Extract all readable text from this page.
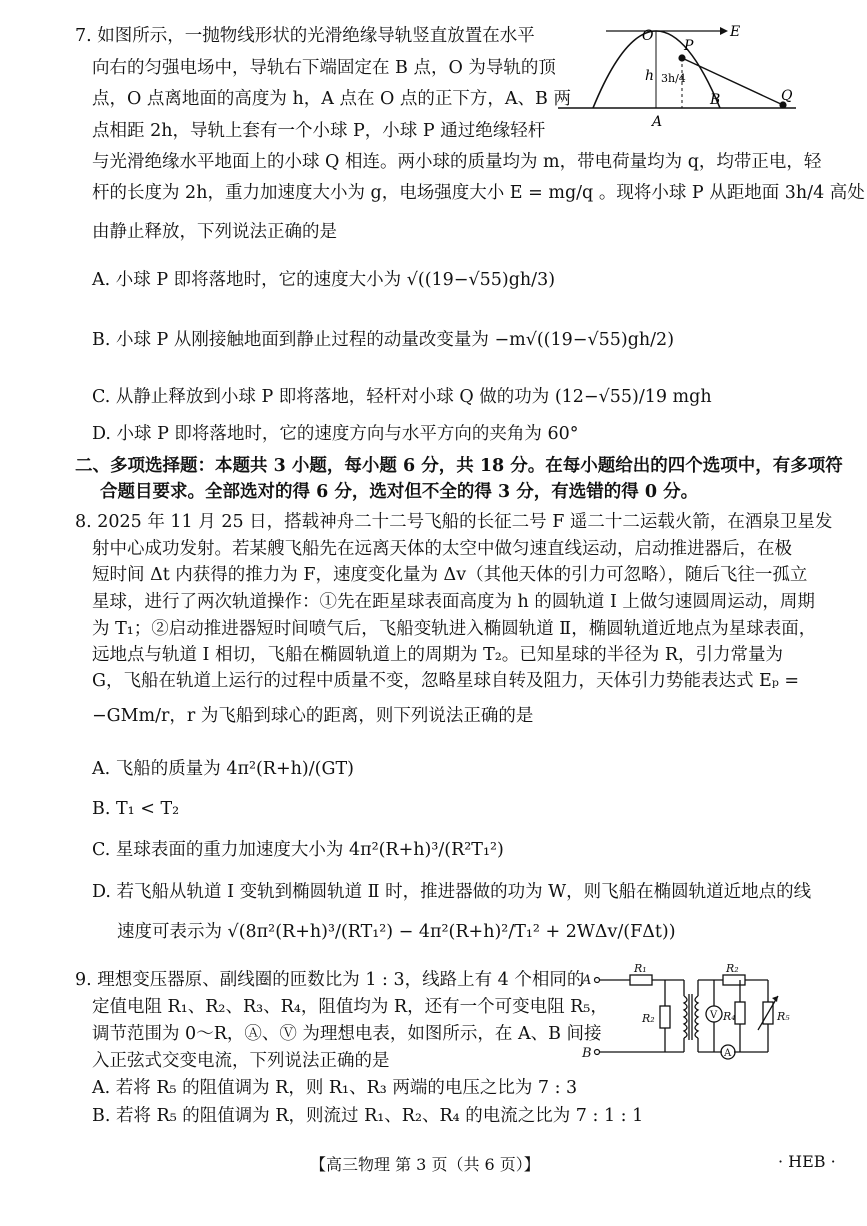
7. 如图所示，一抛物线形状的光滑绝缘导轨竖直放置在水平
向右的匀强电场中，导轨右下端固定在 B 点，O 为导轨的顶
点，O 点离地面的高度为 h，A 点在 O 点的正下方，A、B 两
点相距 2h，导轨上套有一个小球 P，小球 P 通过绝缘轻杆
与光滑绝缘水平地面上的小球 Q 相连。两小球的质量均为 m，带电荷量均为 q，均带正电，轻
杆的长度为 2h，重力加速度大小为 g，电场强度大小 E = mg/q 。现将小球 P 从距地面 3h/4 高处
由静止释放，下列说法正确的是
A. 小球 P 即将落地时，它的速度大小为 √((19−√55)gh/3)
B. 小球 P 从刚接触地面到静止过程的动量改变量为 −m√((19−√55)gh/2)
C. 从静止释放到小球 P 即将落地，轻杆对小球 Q 做的功为 (12−√55)/19 mgh
D. 小球 P 即将落地时，它的速度方向与水平方向的夹角为 60°
O
P
E
h 3h/4
A
B	Q
二、多项选择题：本题共 3 小题，每小题 6 分，共 18 分。在每小题给出的四个选项中，有多项符
合题目要求。全部选对的得 6 分，选对但不全的得 3 分，有选错的得 0 分。
8. 2025 年 11 月 25 日，搭载神舟二十二号飞船的长征二号 F 遥二十二运载火箭，在酒泉卫星发
射中心成功发射。若某艘飞船先在远离天体的太空中做匀速直线运动，启动推进器后，在极
短时间 Δt 内获得的推力为 F，速度变化量为 Δv（其他天体的引力可忽略），随后飞往一孤立
星球，进行了两次轨道操作：①先在距星球表面高度为 h 的圆轨道 Ⅰ 上做匀速圆周运动，周期
为 T₁；②启动推进器短时间喷气后，飞船变轨进入椭圆轨道 Ⅱ，椭圆轨道近地点为星球表面，
远地点与轨道 Ⅰ 相切，飞船在椭圆轨道上的周期为 T₂。已知星球的半径为 R，引力常量为
G，飞船在轨道上运行的过程中质量不变，忽略星球自转及阻力，天体引力势能表达式 Eₚ =
−GMm/r，r 为飞船到球心的距离，则下列说法正确的是
A. 飞船的质量为 4π²(R+h)/(GT)
B. T₁ < T₂
C. 星球表面的重力加速度大小为 4π²(R+h)³/(R²T₁²)
D. 若飞船从轨道 Ⅰ 变轨到椭圆轨道 Ⅱ 时，推进器做的功为 W，则飞船在椭圆轨道近地点的线
速度可表示为 √(8π²(R+h)³/(RT₁²) − 4π²(R+h)²/T₁² + 2WΔv/(FΔt))
9. 理想变压器原、副线圈的匝数比为 1 : 3，线路上有 4 个相同的
定值电阻 R₁、R₂、R₃、R₄，阻值均为 R，还有一个可变电阻 R₅，
调节范围为 0～R，Ⓐ、Ⓥ 为理想电表，如图所示，在 A、B 间接
入正弦式交变电流，下列说法正确的是
A. 若将 R₅ 的阻值调为 R，则 R₁、R₃ 两端的电压之比为 7 : 3
B. 若将 R₅ 的阻值调为 R，则流过 R₁、R₂、R₄ 的电流之比为 7 : 1 : 1
A
B
R₁
R₂
R₂
R₄	R₅
V
A
【高三物理 第 3 页（共 6 页）】	· HEB ·
